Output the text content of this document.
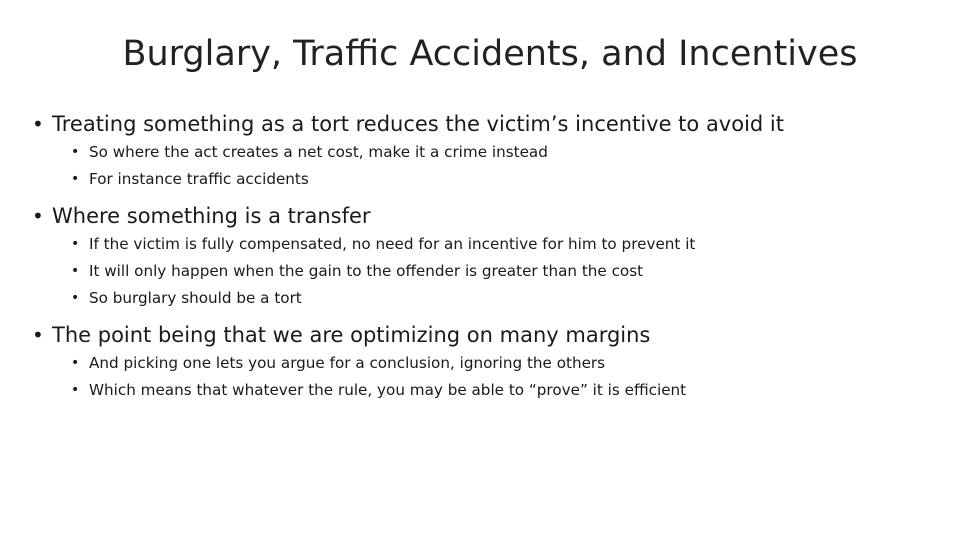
Burglary, Traffic Accidents, and Incentives
• Treating something as a tort reduces the victim’s incentive to avoid it
• So where the act creates a net cost, make it a crime instead
• For instance traffic accidents
• Where something is a transfer
• If the victim is fully compensated, no need for an incentive for him to prevent it
• It will only happen when the gain to the offender is greater than the cost
• So burglary should be a tort
• The point being that we are optimizing on many margins
• And picking one lets you argue for a conclusion, ignoring the others
• Which means that whatever the rule, you may be able to “prove” it is efficient
